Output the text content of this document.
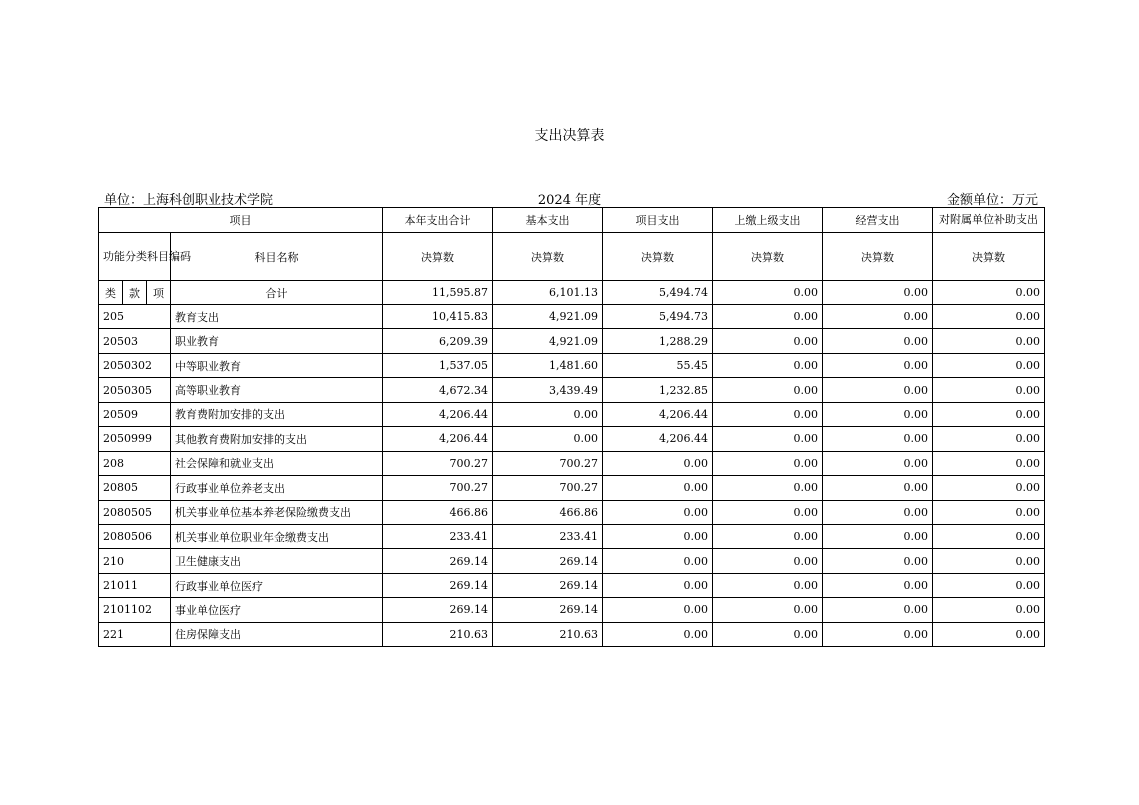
支出决算表
单位：上海科创职业技术学院	2024 年度	金额单位：万元
项目				本年支出合计	基本支出	项目支出	上缴上级支出	经营支出	对附属单位补助支出
功能分类科目编码			科目名称						
				决算数	决算数	决算数	决算数	决算数	决算数
类	款	项	合计	11,595.87	6,101.13	5,494.74	0.00	0.00	0.00
205			教育支出	10,415.83	4,921.09	5,494.73	0.00	0.00	0.00
20503			职业教育	6,209.39	4,921.09	1,288.29	0.00	0.00	0.00
2050302			中等职业教育	1,537.05	1,481.60	55.45	0.00	0.00	0.00
2050305			高等职业教育	4,672.34	3,439.49	1,232.85	0.00	0.00	0.00
20509			教育费附加安排的支出	4,206.44	0.00	4,206.44	0.00	0.00	0.00
2050999			其他教育费附加安排的支出	4,206.44	0.00	4,206.44	0.00	0.00	0.00
208			社会保障和就业支出	700.27	700.27	0.00	0.00	0.00	0.00
20805			行政事业单位养老支出	700.27	700.27	0.00	0.00	0.00	0.00
2080505			机关事业单位基本养老保险缴费支出	466.86	466.86	0.00	0.00	0.00	0.00
2080506			机关事业单位职业年金缴费支出	233.41	233.41	0.00	0.00	0.00	0.00
210			卫生健康支出	269.14	269.14	0.00	0.00	0.00	0.00
21011			行政事业单位医疗	269.14	269.14	0.00	0.00	0.00	0.00
2101102			事业单位医疗	269.14	269.14	0.00	0.00	0.00	0.00
221			住房保障支出	210.63	210.63	0.00	0.00	0.00	0.00
